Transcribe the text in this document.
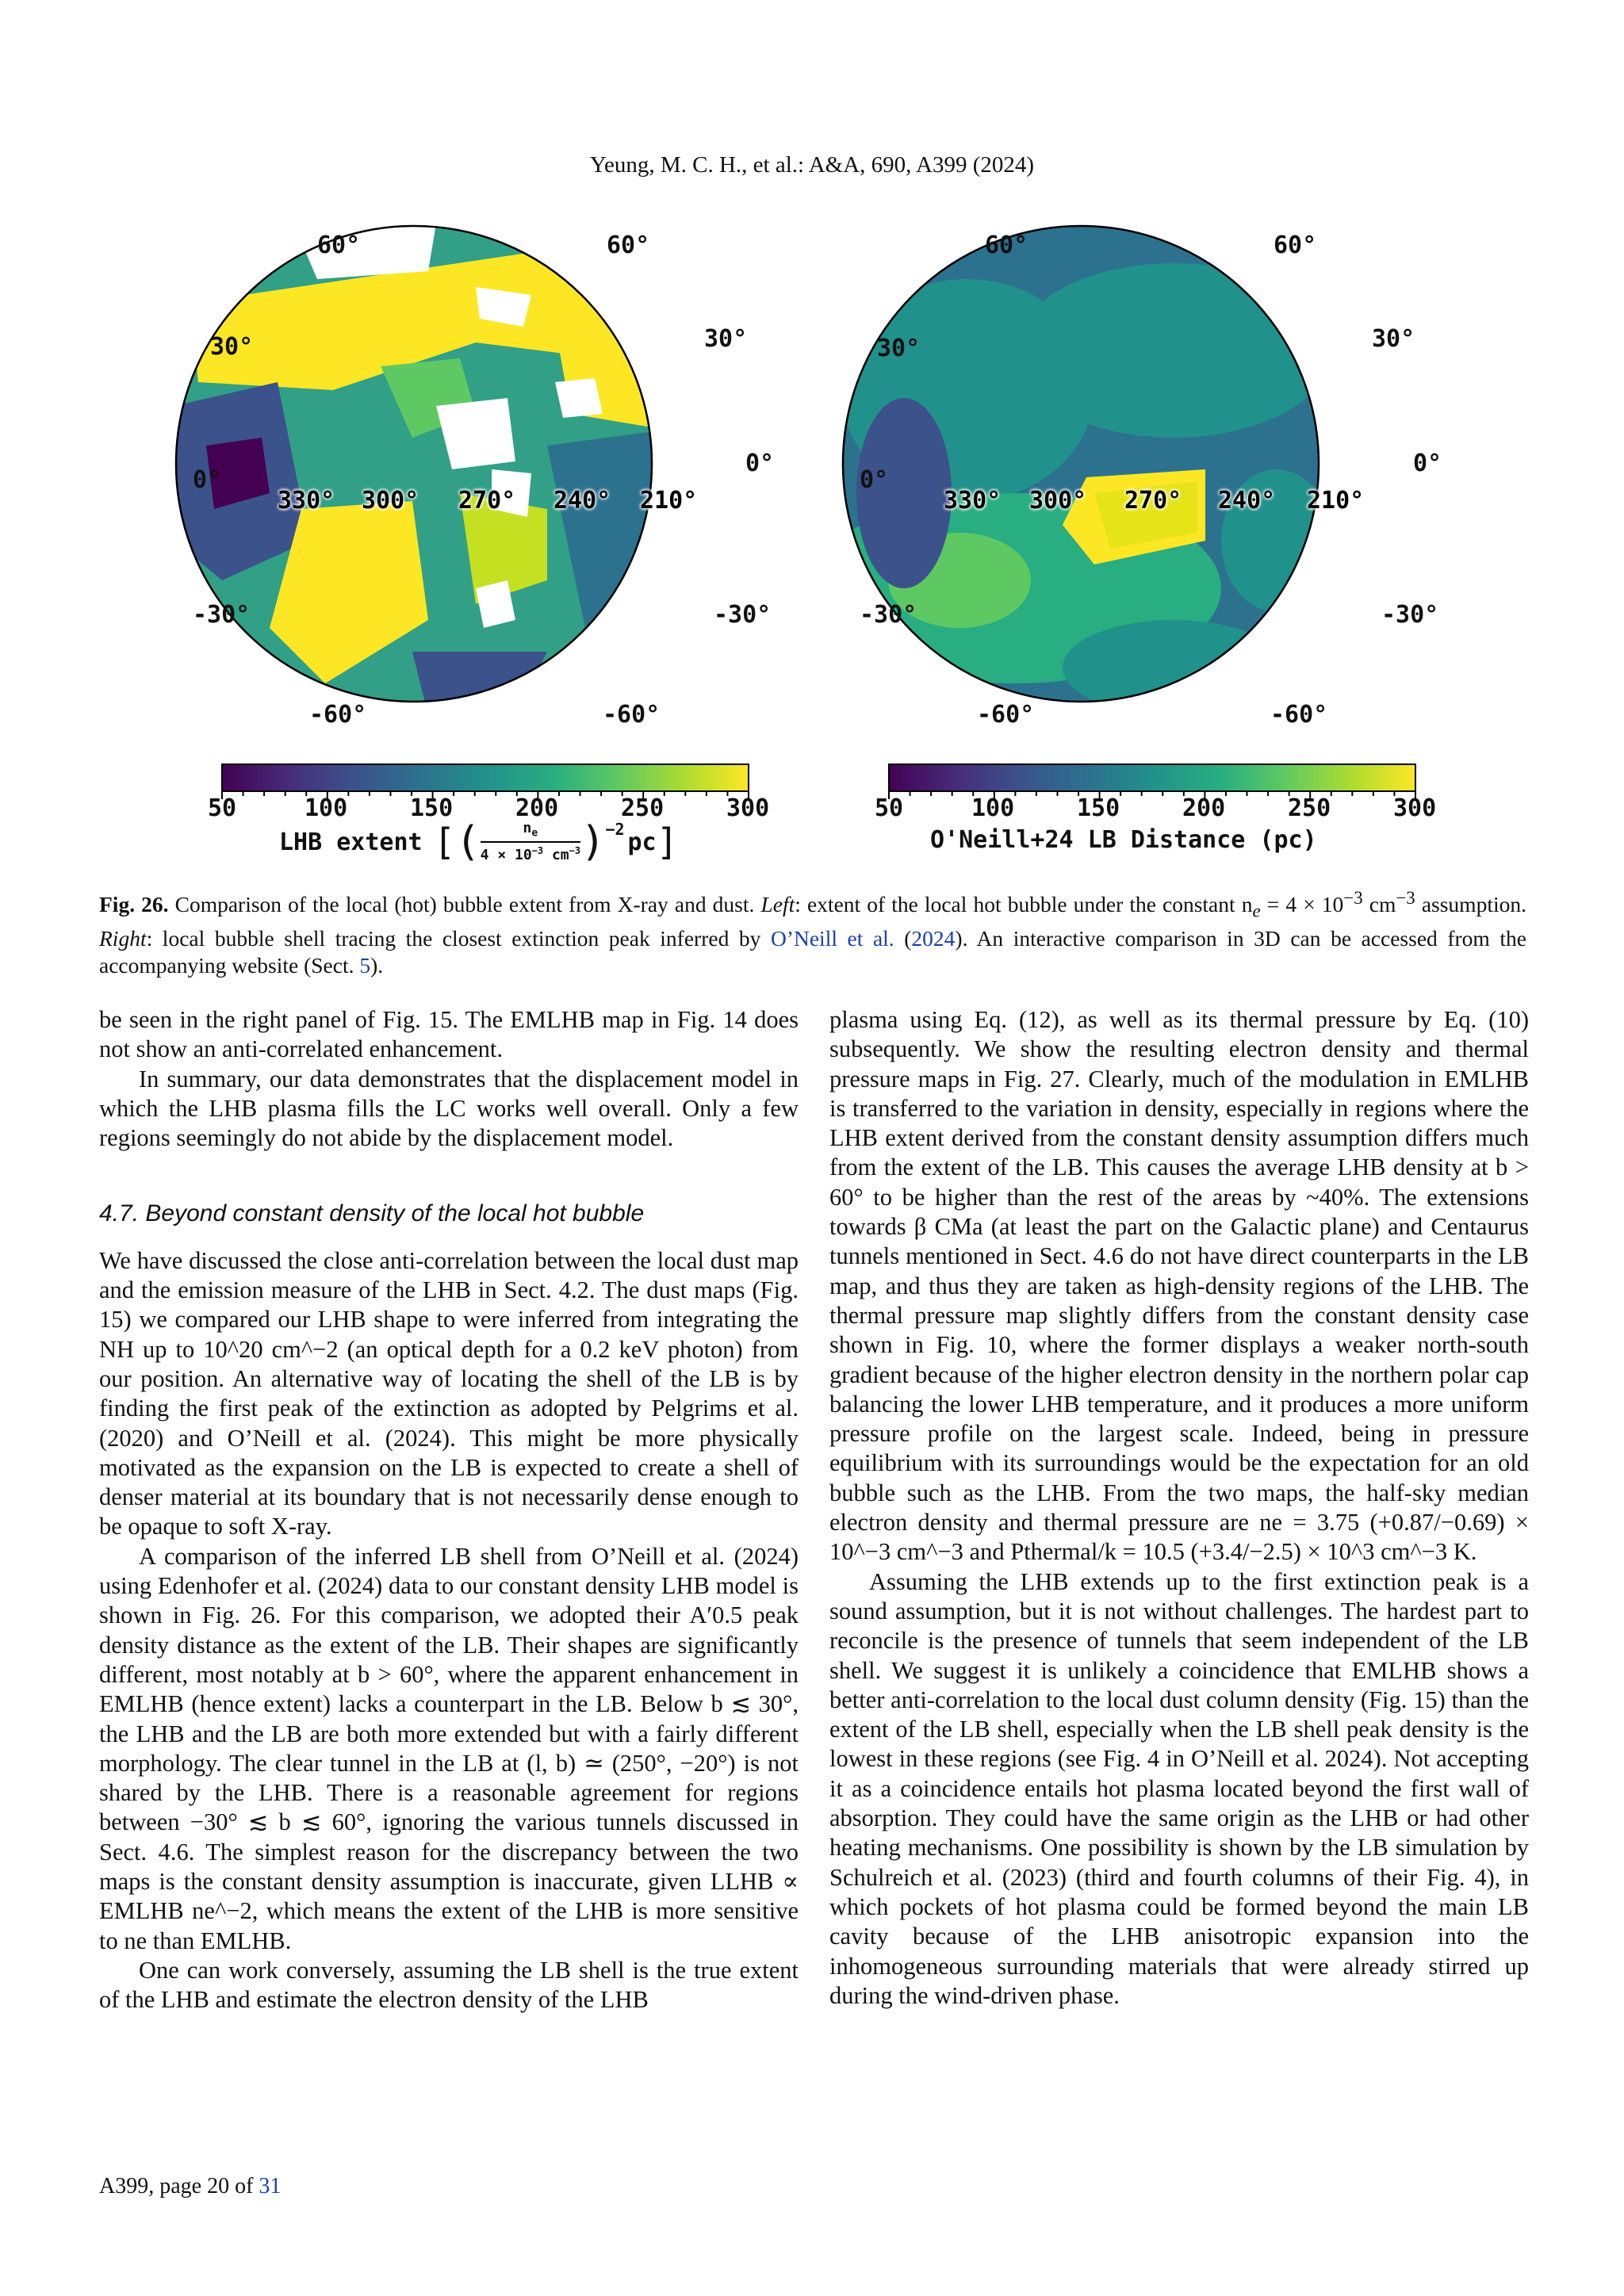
Yeung, M. C. H., et al.: A&A, 690, A399 (2024)
60°
30°
0°
-30°
-60°
60°
30°
0°
-30°
-60°
330° 300° 270° 240° 210°
60°
30°
0°
-30°
-60°
60°
30°
0°
-30°
-60°
330° 300° 270° 240° 210°
50	100	150	200	250	300
LHB extent [ (	$n_e$
$4 \times 10^{-3}$ $cm^{-3}$ ) −2 pc ]
50	100	150	200	250	300
O'Neill+24 LB Distance (pc)
Fig. 26. Comparison of the local (hot) bubble extent from X-ray and dust. Left: extent of the local hot bubble under the constant $n_e = 4 \times 10^{-3}$ $cm^{-3}$ assumption. Right: local bubble shell tracing the closest extinction peak inferred by O’Neill et al. (2024). An interactive comparison in 3D can be accessed from the accompanying website (Sect. 5).

be seen in the right panel of Fig. 15. The EMLHB map in Fig. 14 does not show an anti-correlated enhancement.

In summary, our data demonstrates that the displacement model in which the LHB plasma fills the LC works well overall. Only a few regions seemingly do not abide by the displacement model.

4.7. Beyond constant density of the local hot bubble

We have discussed the close anti-correlation between the local dust map and the emission measure of the LHB in Sect. 4.2. The dust maps (Fig. 15) we compared our LHB shape to were inferred from integrating the NH up to 10^20 cm^−2 (an optical depth for a 0.2 keV photon) from our position. An alternative way of locating the shell of the LB is by finding the first peak of the extinction as adopted by Pelgrims et al. (2020) and O’Neill et al. (2024). This might be more physically motivated as the expansion on the LB is expected to create a shell of denser material at its boundary that is not necessarily dense enough to be opaque to soft X-ray.

A comparison of the inferred LB shell from O’Neill et al. (2024) using Edenhofer et al. (2024) data to our constant density LHB model is shown in Fig. 26. For this comparison, we adopted their A′0.5 peak density distance as the extent of the LB. Their shapes are significantly different, most notably at b > 60°, where the apparent enhancement in EMLHB (hence extent) lacks a counterpart in the LB. Below b ≲ 30°, the LHB and the LB are both more extended but with a fairly different morphology. The clear tunnel in the LB at (l, b) ≃ (250°, −20°) is not shared by the LHB. There is a reasonable agreement for regions between −30° ≲ b ≲ 60°, ignoring the various tunnels discussed in Sect. 4.6. The simplest reason for the discrepancy between the two maps is the constant density assumption is inaccurate, given LLHB ∝ EMLHB ne^−2, which means the extent of the LHB is more sensitive to ne than EMLHB.

One can work conversely, assuming the LB shell is the true extent of the LHB and estimate the electron density of the LHB

plasma using Eq. (12), as well as its thermal pressure by Eq. (10) subsequently. We show the resulting electron density and thermal pressure maps in Fig. 27. Clearly, much of the modulation in EMLHB is transferred to the variation in density, especially in regions where the LHB extent derived from the constant density assumption differs much from the extent of the LB. This causes the average LHB density at b > 60° to be higher than the rest of the areas by ~40%. The extensions towards β CMa (at least the part on the Galactic plane) and Centaurus tunnels mentioned in Sect. 4.6 do not have direct counterparts in the LB map, and thus they are taken as high-density regions of the LHB. The thermal pressure map slightly differs from the constant density case shown in Fig. 10, where the former displays a weaker north-south gradient because of the higher electron density in the northern polar cap balancing the lower LHB temperature, and it produces a more uniform pressure profile on the largest scale. Indeed, being in pressure equilibrium with its surroundings would be the expectation for an old bubble such as the LHB. From the two maps, the half-sky median electron density and thermal pressure are ne = 3.75 (+0.87/−0.69) × 10^−3 cm^−3 and Pthermal/k = 10.5 (+3.4/−2.5) × 10^3 cm^−3 K.

Assuming the LHB extends up to the first extinction peak is a sound assumption, but it is not without challenges. The hardest part to reconcile is the presence of tunnels that seem independent of the LB shell. We suggest it is unlikely a coincidence that EMLHB shows a better anti-correlation to the local dust column density (Fig. 15) than the extent of the LB shell, especially when the LB shell peak density is the lowest in these regions (see Fig. 4 in O’Neill et al. 2024). Not accepting it as a coincidence entails hot plasma located beyond the first wall of absorption. They could have the same origin as the LHB or had other heating mechanisms. One possibility is shown by the LB simulation by Schulreich et al. (2023) (third and fourth columns of their Fig. 4), in which pockets of hot plasma could be formed beyond the main LB cavity because of the LHB anisotropic expansion into the inhomogeneous surrounding materials that were already stirred up during the wind-driven phase.

A399, page 20 of 31
